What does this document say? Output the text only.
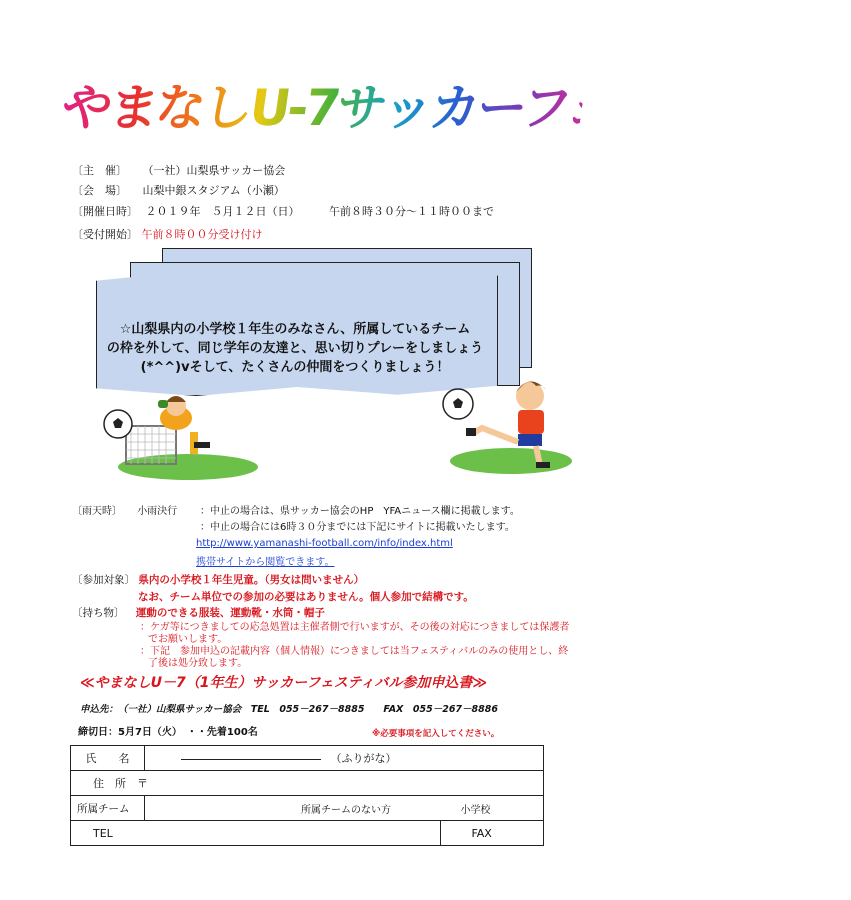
やまなしU-7サッカーフェスティバル
〔主　催〕 （一社）山梨県サッカー協会
〔会　場〕 山梨中銀スタジアム（小瀬）
〔開催日時〕 ２０１９年　５月１２日（日）	午前８時３０分～１１時００まで
〔受付開始〕 午前８時００分受け付け
☆山梨県内の小学校１年生のみなさん、所属しているチーム
の枠を外して、同じ学年の友達と、思い切りプレーをしましょう
(*^^)vそして、たくさんの仲間をつくりましょう！
〔雨天時〕 小雨決行 ：中止の場合は、県サッカー協会のHP　YFAニュース欄に掲載します。
：中止の場合には6時３０分までには下記にサイトに掲載いたします。
http://www.yamanashi-football.com/info/index.html
携帯サイトから閲覧できます。
〔参加対象〕 県内の小学校１年生児童。（男女は問いません）
なお、チーム単位での参加の必要はありません。個人参加で結構です。
〔持ち物〕 運動のできる服装、運動靴・水筒・帽子
：ケガ等につきましての応急処置は主催者側で行いますが、その後の対応につきましては保護者
でお願いします。
：下記　参加申込の記載内容（個人情報）につきましては当フェスティバルのみの使用とし、終
了後は処分致します。
≪やまなしU－7（1年生）サッカーフェスティバル参加申込書≫
申込先：（一社）山梨県サッカー協会　TEL　055－267－8885　　FAX　055－267－8886
締切日：5月7日（火）　・・先着100名	※必要事項を記入してください。
氏　　名	（ふりがな）	
住　所　〒		
所属チーム	所属チームのない方 小学校	
TEL		FAX
